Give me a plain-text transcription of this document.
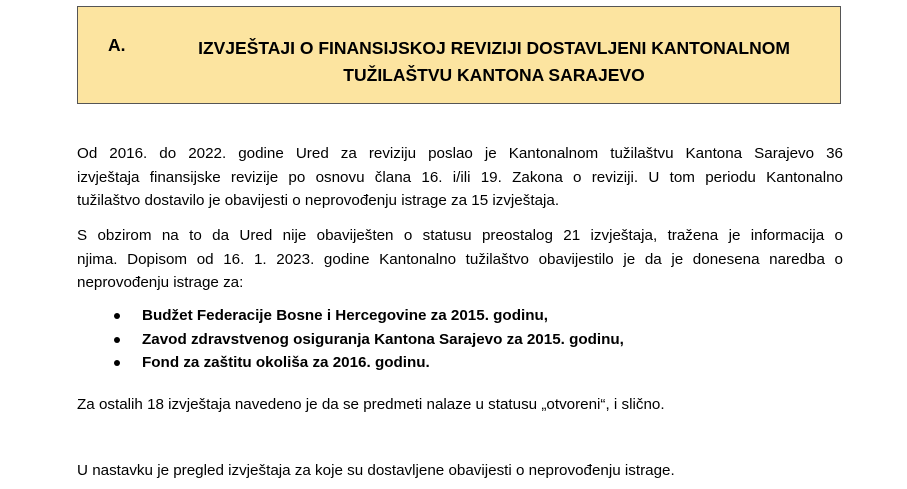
A.	IZVJEŠTAJI O FINANSIJSKOJ REVIZIJI DOSTAVLJENI KANTONALNOM
TUŽILAŠTVU KANTONA SARAJEVO
Od 2016. do 2022. godine Ured za reviziju poslao je Kantonalnom tužilaštvu Kantona Sarajevo 36
izvještaja finansijske revizije po osnovu člana 16. i/ili 19. Zakona o reviziji. U tom periodu Kantonalno
tužilaštvo dostavilo je obavijesti o neprovođenju istrage za 15 izvještaja.
S obzirom na to da Ured nije obaviješten o statusu preostalog 21 izvještaja, tražena je informacija o
njima. Dopisom od 16. 1. 2023. godine Kantonalno tužilaštvo obavijestilo je da je donesena naredba o
neprovođenju istrage za:
Budžet Federacije Bosne i Hercegovine za 2015. godinu,
Zavod zdravstvenog osiguranja Kantona Sarajevo za 2015. godinu,
Fond za zaštitu okoliša za 2016. godinu.
Za ostalih 18 izvještaja navedeno je da se predmeti nalaze u statusu „otvoreni“, i slično.
U nastavku je pregled izvještaja za koje su dostavljene obavijesti o neprovođenju istrage.
